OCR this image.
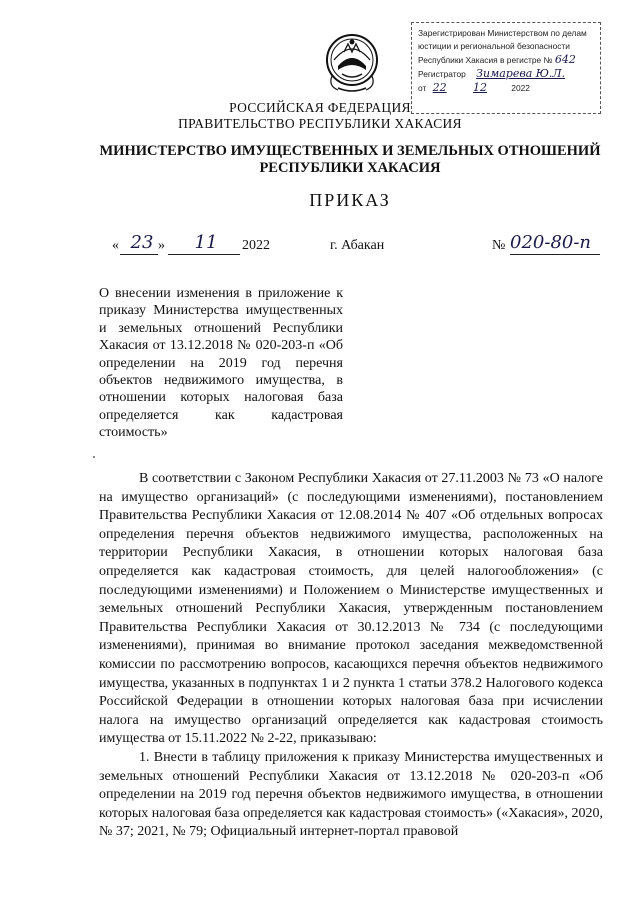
Зарегистрирован Министерством по делам
юстиции и региональной безопасности
Республики Хакасия в регистре № 642
Регистратор Зимарева Ю.Л.
от 22 12	2022
РОССИЙСКАЯ ФЕДЕРАЦИЯ
ПРАВИТЕЛЬСТВО РЕСПУБЛИКИ ХАКАСИЯ
МИНИСТЕРСТВО ИМУЩЕСТВЕННЫХ И ЗЕМЕЛЬНЫХ ОТНОШЕНИЙ
РЕСПУБЛИКИ ХАКАСИЯ
ПРИКАЗ
« 23 »	11	2022	г. Абакан	№ 020-80-п
О внесении изменения в приложение к приказу Министерства имущественных и земельных отношений Республики Хакасия от 13.12.2018 № 020-203-п «Об определении на 2019 год перечня объектов недвижимого имущества, в отношении которых налоговая база определяется как кадастровая стоимость»

В соответствии с Законом Республики Хакасия от 27.11.2003 № 73 «О налоге на имущество организаций» (с последующими изменениями), постановлением Правительства Республики Хакасия от 12.08.2014 № 407 «Об отдельных вопросах определения перечня объектов недвижимого имущества, расположенных на территории Республики Хакасия, в отношении которых налоговая база определяется как кадастровая стоимость, для целей налогообложения» (с последующими изменениями) и Положением о Министерстве имущественных и земельных отношений Республики Хакасия, утвержденным постановлением Правительства Республики Хакасия от 30.12.2013 № 734 (с последующими изменениями), принимая во внимание протокол заседания межведомственной комиссии по рассмотрению вопросов, касающихся перечня объектов недвижимого имущества, указанных в подпунктах 1 и 2 пункта 1 статьи 378.2 Налогового кодекса Российской Федерации в отношении которых налоговая база при исчислении налога на имущество организаций определяется как кадастровая стоимость имущества от 15.11.2022 № 2-22, приказываю:

1. Внести в таблицу приложения к приказу Министерства имущественных и земельных отношений Республики Хакасия от 13.12.2018 № 020-203-п «Об определении на 2019 год перечня объектов недвижимого имущества, в отношении которых налоговая база определяется как кадастровая стоимость» («Хакасия», 2020, № 37; 2021, № 79; Официальный интернет-портал правовой
